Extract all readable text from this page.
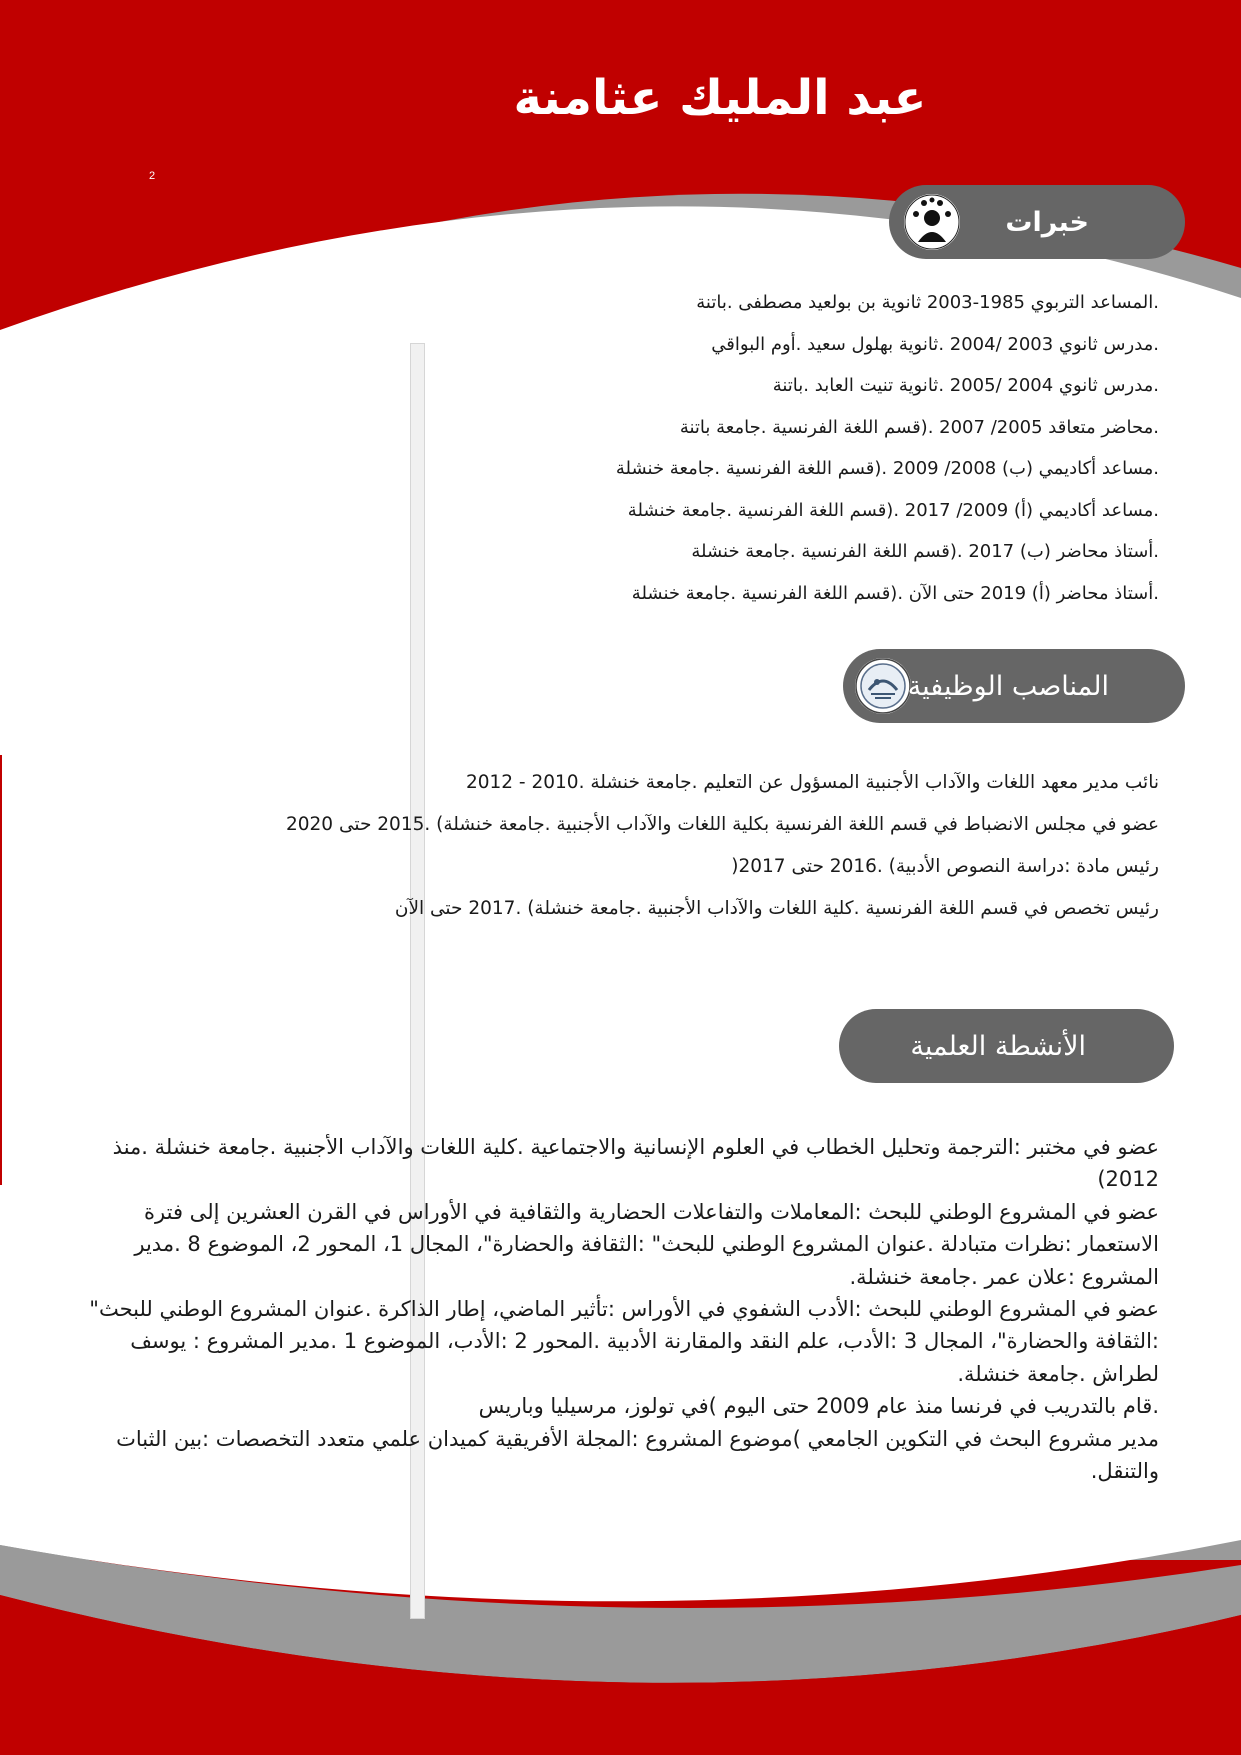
عبد المليك عثامنة
2
خبرات
.المساعد التربوي 1985-2003 ثانوية بن بولعيد مصطفى .باتنة
.مدرس ثانوي 2003 /2004 .ثانوية بهلول سعيد .أوم البواقي
.مدرس ثانوي 2004 /2005 .ثانوية تنيت العابد .باتنة
.محاضر متعاقد 2005/ 2007 .(قسم اللغة الفرنسية .جامعة باتنة
.مساعد أكاديمي (ب) 2008/ 2009 .(قسم اللغة الفرنسية .جامعة خنشلة
.مساعد أكاديمي (أ) 2009/ 2017 .(قسم اللغة الفرنسية .جامعة خنشلة
.أستاذ محاضر (ب) 2017 .(قسم اللغة الفرنسية .جامعة خنشلة
.أستاذ محاضر (أ) 2019 حتى الآن .(قسم اللغة الفرنسية .جامعة خنشلة
المناصب الوظيفية
نائب مدير معهد اللغات والآداب الأجنبية المسؤول عن التعليم .جامعة خنشلة .2010 - 2012
عضو في مجلس الانضباط في قسم اللغة الفرنسية بكلية اللغات والآداب الأجنبية .جامعة خنشلة) .2015 حتى 2020
رئيس مادة :دراسة النصوص الأدبية) .2016 حتى 2017(
رئيس تخصص في قسم اللغة الفرنسية .كلية اللغات والآداب الأجنبية .جامعة خنشلة) .2017 حتى الآن
الأنشطة العلمية

عضو في مختبر :الترجمة وتحليل الخطاب في العلوم الإنسانية والاجتماعية .كلية اللغات والآداب الأجنبية .جامعة خنشلة .منذ 2012)

عضو في المشروع الوطني للبحث :المعاملات والتفاعلات الحضارية والثقافية في الأوراس في القرن العشرين إلى فترة الاستعمار :نظرات متبادلة .عنوان المشروع الوطني للبحث" :الثقافة والحضارة"، المجال 1، المحور 2، الموضوع 8 .مدير المشروع :علان عمر .جامعة خنشلة.

عضو في المشروع الوطني للبحث :الأدب الشفوي في الأوراس :تأثير الماضي، إطار الذاكرة .عنوان المشروع الوطني للبحث" :الثقافة والحضارة"، المجال 3 :الأدب، علم النقد والمقارنة الأدبية .المحور 2 :الأدب، الموضوع 1 .مدير المشروع : يوسف لطراش .جامعة خنشلة.

.قام بالتدريب في فرنسا منذ عام 2009 حتى اليوم )في تولوز، مرسيليا وباريس

مدير مشروع البحث في التكوين الجامعي )موضوع المشروع :المجلة الأفريقية كميدان علمي متعدد التخصصات :بين الثبات والتنقل.
